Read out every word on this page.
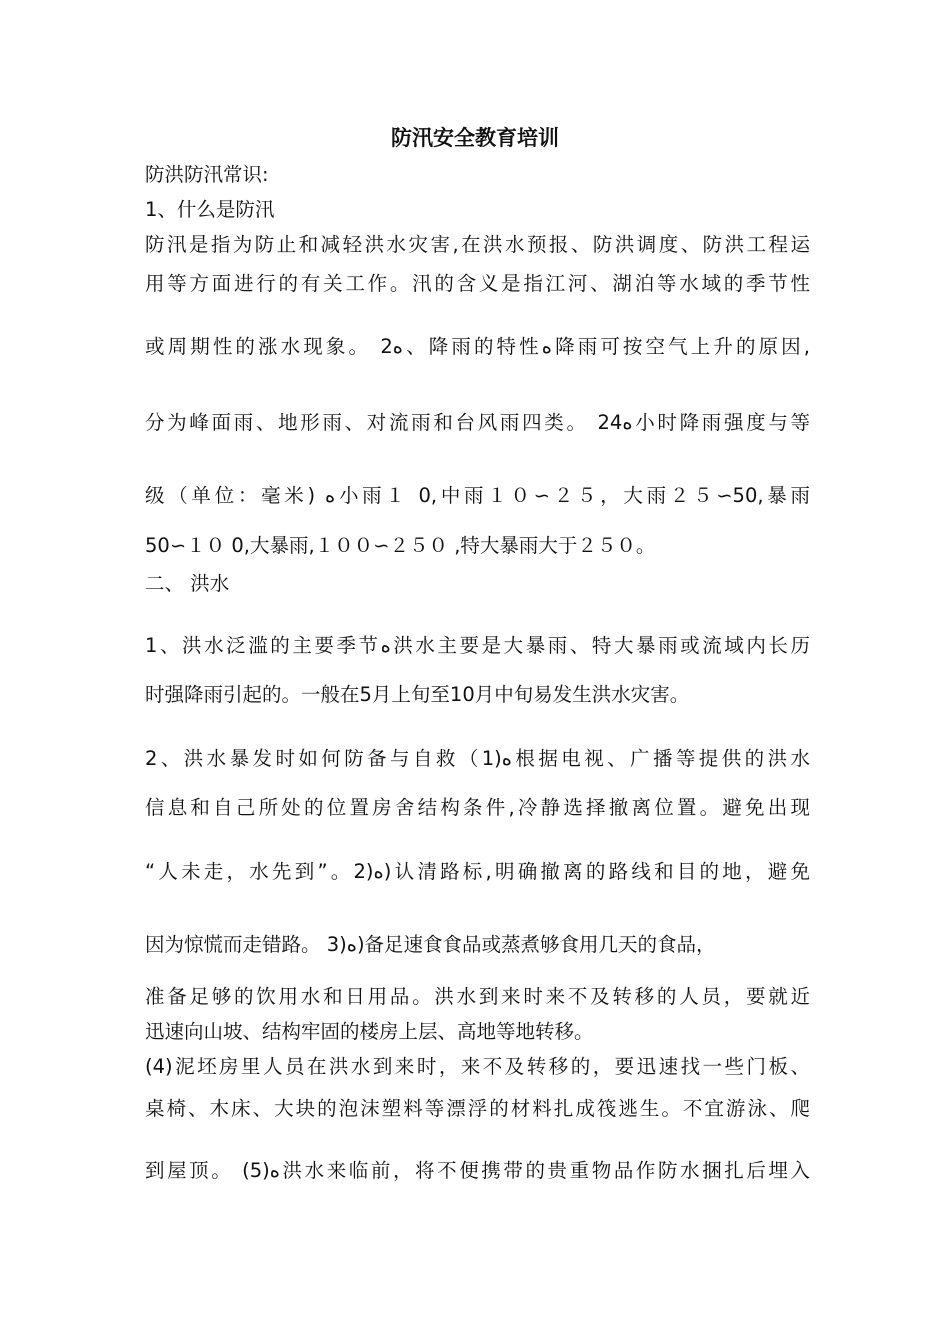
防汛安全教育培训
防洪防汛常识:
1、什么是防汛
防汛是指为防止和减轻洪水灾害,在洪水预报、防洪调度、防洪工程运
用等方面进行的有关工作。汛的含义是指江河、湖泊等水域的季节性
或周期性的涨水现象。 2ﻩ、降雨的特性ﻩ降雨可按空气上升的原因,
分为峰面雨、地形雨、对流雨和台风雨四类。 24ﻩ小时降雨强度与等
级（单位：毫米) ﻩ小雨１ 0,中雨１０∽２５，大雨２５∽50,暴雨
50∽１０ 0,大暴雨,１００∽２５０ ,特大暴雨大于２５０。
二、 洪水
1、洪水泛滥的主要季节ﻩ洪水主要是大暴雨、特大暴雨或流域内长历
时强降雨引起的。一般在5月上旬至10月中旬易发生洪水灾害。
2、洪水暴发时如何防备与自救（1)ﻩ根据电视、广播等提供的洪水
信息和自己所处的位置房舍结构条件,冷静选择撤离位置。避免出现
“人未走，水先到”。2)ﻩ)认清路标,明确撤离的路线和目的地，避免
因为惊慌而走错路。 3)ﻩ)备足速食食品或蒸煮够食用几天的食品，
准备足够的饮用水和日用品。洪水到来时来不及转移的人员，要就近
迅速向山坡、结构牢固的楼房上层、高地等地转移。
(4)泥坯房里人员在洪水到来时，来不及转移的，要迅速找一些门板、
桌椅、木床、大块的泡沫塑料等漂浮的材料扎成筏逃生。不宜游泳、爬
到屋顶。 (5)ﻩ洪水来临前，将不便携带的贵重物品作防水捆扎后埋入
